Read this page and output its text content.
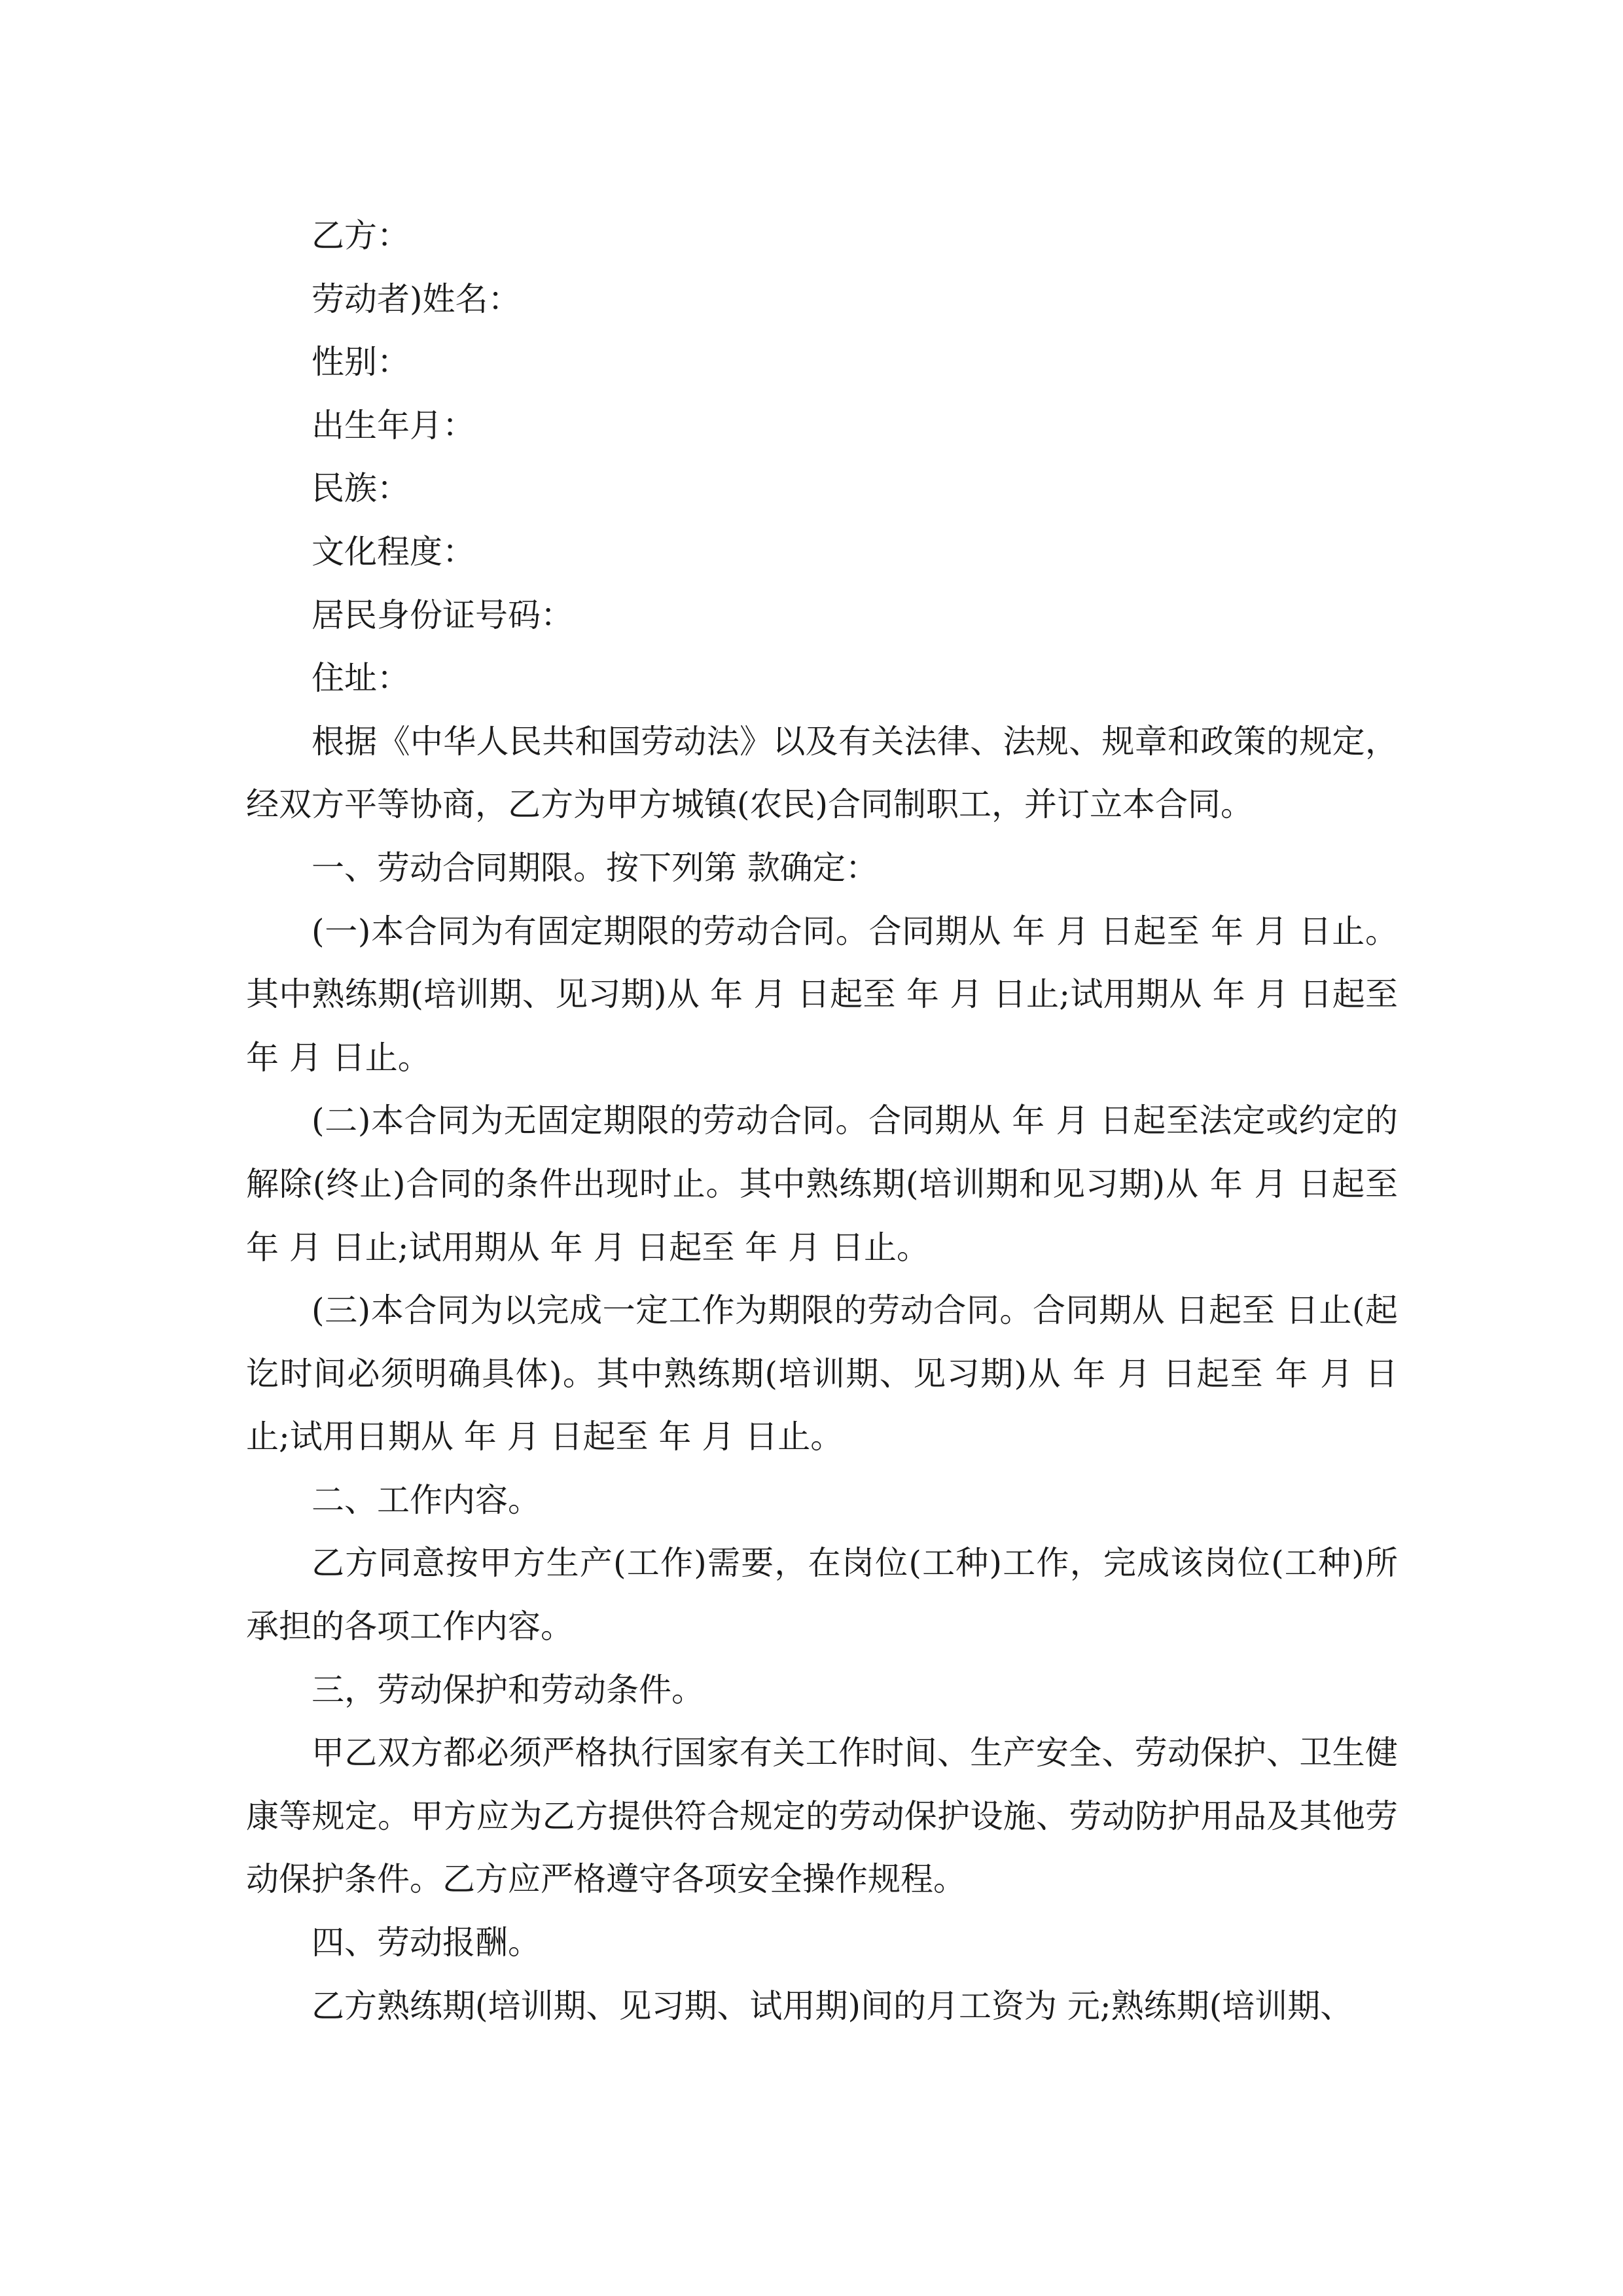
乙方：

劳动者)姓名：

性别：

出生年月：

民族：

文化程度：

居民身份证号码：

住址：

根据《中华人民共和国劳动法》以及有关法律、法规、规章和政策的规定，经双方平等协商，乙方为甲方城镇(农民)合同制职工，并订立本合同。

一、劳动合同期限。按下列第 款确定：

(一)本合同为有固定期限的劳动合同。合同期从 年 月 日起至 年 月 日止。其中熟练期(培训期、见习期)从 年 月 日起至 年 月 日止;试用期从 年 月 日起至 年 月 日止。

(二)本合同为无固定期限的劳动合同。合同期从 年 月 日起至法定或约定的解除(终止)合同的条件出现时止。其中熟练期(培训期和见习期)从 年 月 日起至 年 月 日止;试用期从 年 月 日起至 年 月 日止。

(三)本合同为以完成一定工作为期限的劳动合同。合同期从 日起至 日止(起讫时间必须明确具体)。其中熟练期(培训期、见习期)从 年 月 日起至 年 月 日止;试用日期从 年 月 日起至 年 月 日止。

二、工作内容。

乙方同意按甲方生产(工作)需要，在岗位(工种)工作，完成该岗位(工种)所承担的各项工作内容。

三，劳动保护和劳动条件。

甲乙双方都必须严格执行国家有关工作时间、生产安全、劳动保护、卫生健康等规定。甲方应为乙方提供符合规定的劳动保护设施、劳动防护用品及其他劳动保护条件。乙方应严格遵守各项安全操作规程。

四、劳动报酬。

乙方熟练期(培训期、见习期、试用期)间的月工资为 元;熟练期(培训期、
